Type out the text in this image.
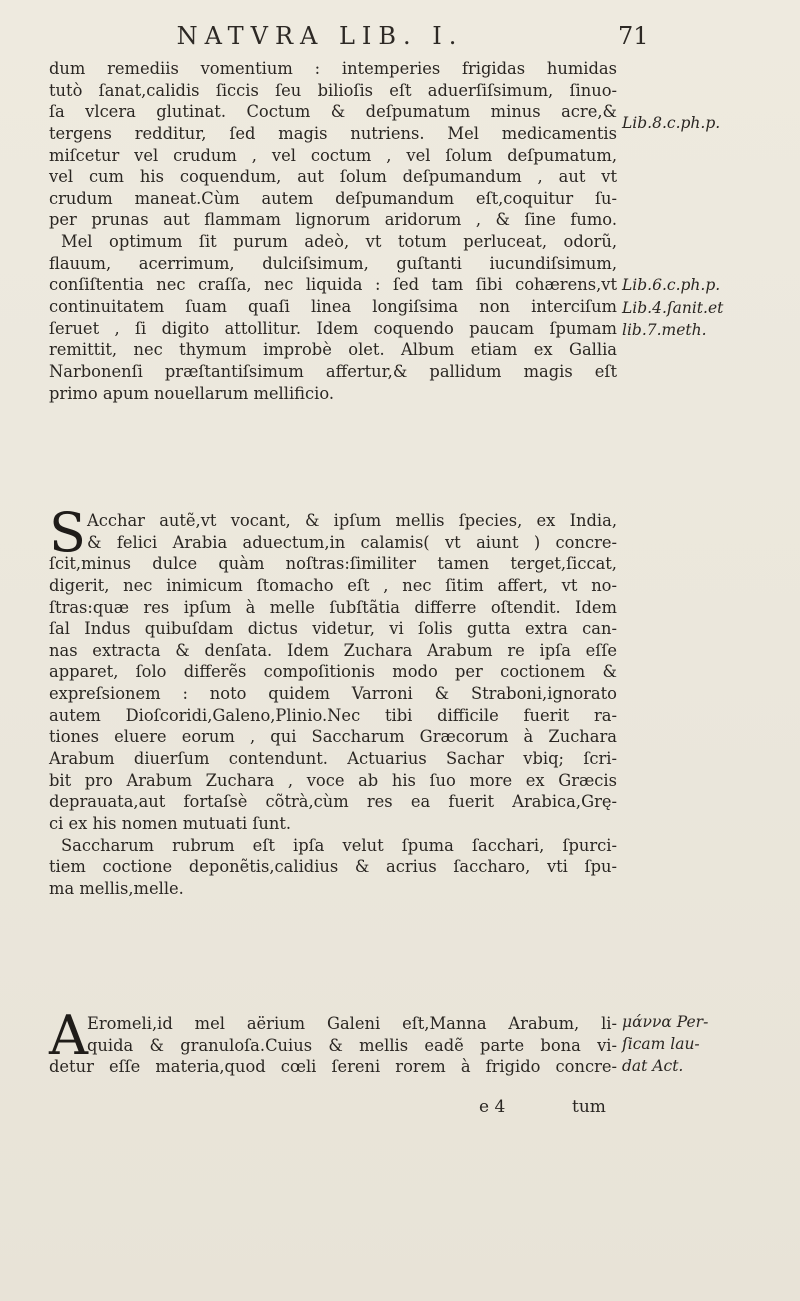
NATVRA LIB. I.	71
dum remediis vomentium : intemperies frigidas humidas
tutò ſanat,calidis ſiccis ſeu bilioſis eſt aduerſiſsimum, ſinuo-
ſa vlcera glutinat. Coctum & deſpumatum minus acre,&
tergens redditur, ſed magis nutriens. Mel medicamentis
miſcetur vel crudum , vel coctum , vel ſolum deſpumatum,
vel cum his coquendum, aut ſolum deſpumandum , aut vt
crudum maneat.Cùm autem deſpumandum eſt,coquitur ſu-
per prunas aut flammam lignorum aridorum , & ſine fumo.
Mel optimum ſit purum adeò, vt totum perluceat, odorũ,
flauum, acerrimum, dulciſsimum, guſtanti iucundiſsimum,
conſiſtentia nec craſſa, nec liquida : ſed tam ſibi cohærens,vt
continuitatem ſuam quaſi linea longiſsima non interciſum
ſeruet , ſi digito attollitur. Idem coquendo paucam ſpumam
remittit, nec thymum improbè olet. Album etiam ex Gallia
Narbonenſi præſtantiſsimum affertur,& pallidum magis eſt
primo apum nouellarum mellificio.
S Acchar autẽ,vt vocant, & ipſum mellis ſpecies, ex India,
& felici Arabia aduectum,in calamis( vt aiunt ) concre-
ſcit,minus dulce quàm noſtras:ſimiliter tamen terget,ſiccat,
digerit, nec inimicum ſtomacho eſt , nec ſitim affert, vt no-
ſtras:quæ res ipſum à melle ſubſtãtia differre oſtendit. Idem
ſal Indus quibuſdam dictus videtur, vi ſolis gutta extra can-
nas extracta & denſata. Idem Zuchara Arabum re ipſa eſſe
apparet, ſolo differẽs compoſitionis modo per coctionem &
expreſsionem : noto quidem Varroni & Straboni,ignorato
autem Dioſcoridi,Galeno,Plinio.Nec tibi difficile fuerit ra-
tiones eluere eorum , qui Saccharum Græcorum à Zuchara
Arabum diuerſum contendunt. Actuarius Sachar vbiq; ſcri-
bit pro Arabum Zuchara , voce ab his ſuo more ex Græcis
deprauata,aut fortaſsè cõtrà,cùm res ea fuerit Arabica,Grę-
ci ex his nomen mutuati ſunt.
Saccharum rubrum eſt ipſa velut ſpuma ſacchari, ſpurci-
tiem coctione deponẽtis,calidius & acrius ſaccharo, vti ſpu-
ma mellis,melle.
A Eromeli,id mel aërium Galeni eſt,Manna Arabum, li-
quida & granuloſa.Cuius & mellis eadẽ parte bona vi-
detur eſſe materia,quod cœli ſereni rorem à frigido concre-
e 4	tum
Lib.8.c.ph.p.
Lib.6.c.ph.p.
Lib.4.ſanit.et
lib.7.meth.
μάννα Per-
ſicam lau-
dat Act.
